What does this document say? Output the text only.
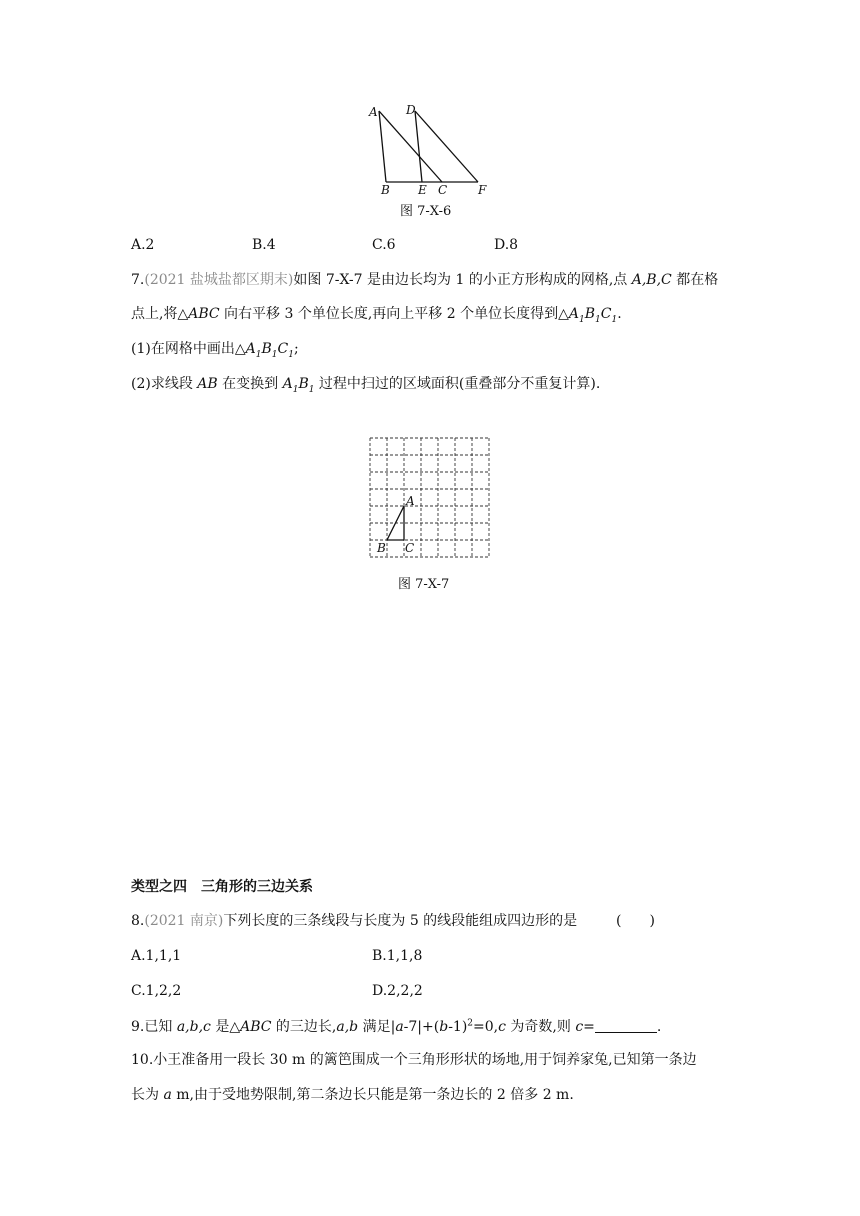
A D
B E C	F
图 7-X-6
A.2	B.4	C.6	D.8
7.(2021 盐城盐都区期末)如图 7-X-7 是由边长均为 1 的小正方形构成的网格,点 A,B,C 都在格
点上,将△ABC 向右平移 3 个单位长度,再向上平移 2 个单位长度得到$\triangle A_1B_1C_1$.
(1)在网格中画出$\triangle A_1B_1C_1$;
(2)求线段 AB 在变换到 $A_1B_1$ 过程中扫过的区域面积(重叠部分不重复计算).
A
B C
图 7-X-7
类型之四　三角形的三边关系
8.(2021 南京)下列长度的三条线段与长度为 5 的线段能组成四边形的是	(　　)
A.1,1,1	B.1,1,8
C.1,2,2	D.2,2,2
9.已知 a,b,c 是△ABC 的三边长,a,b 满足$|a-7|+(b-1)^2=0,c$ 为奇数,则 c=	.
10.小王准备用一段长 30 m 的篱笆围成一个三角形形状的场地,用于饲养家兔,已知第一条边
长为 a m,由于受地势限制,第二条边长只能是第一条边长的 2 倍多 2 m.
